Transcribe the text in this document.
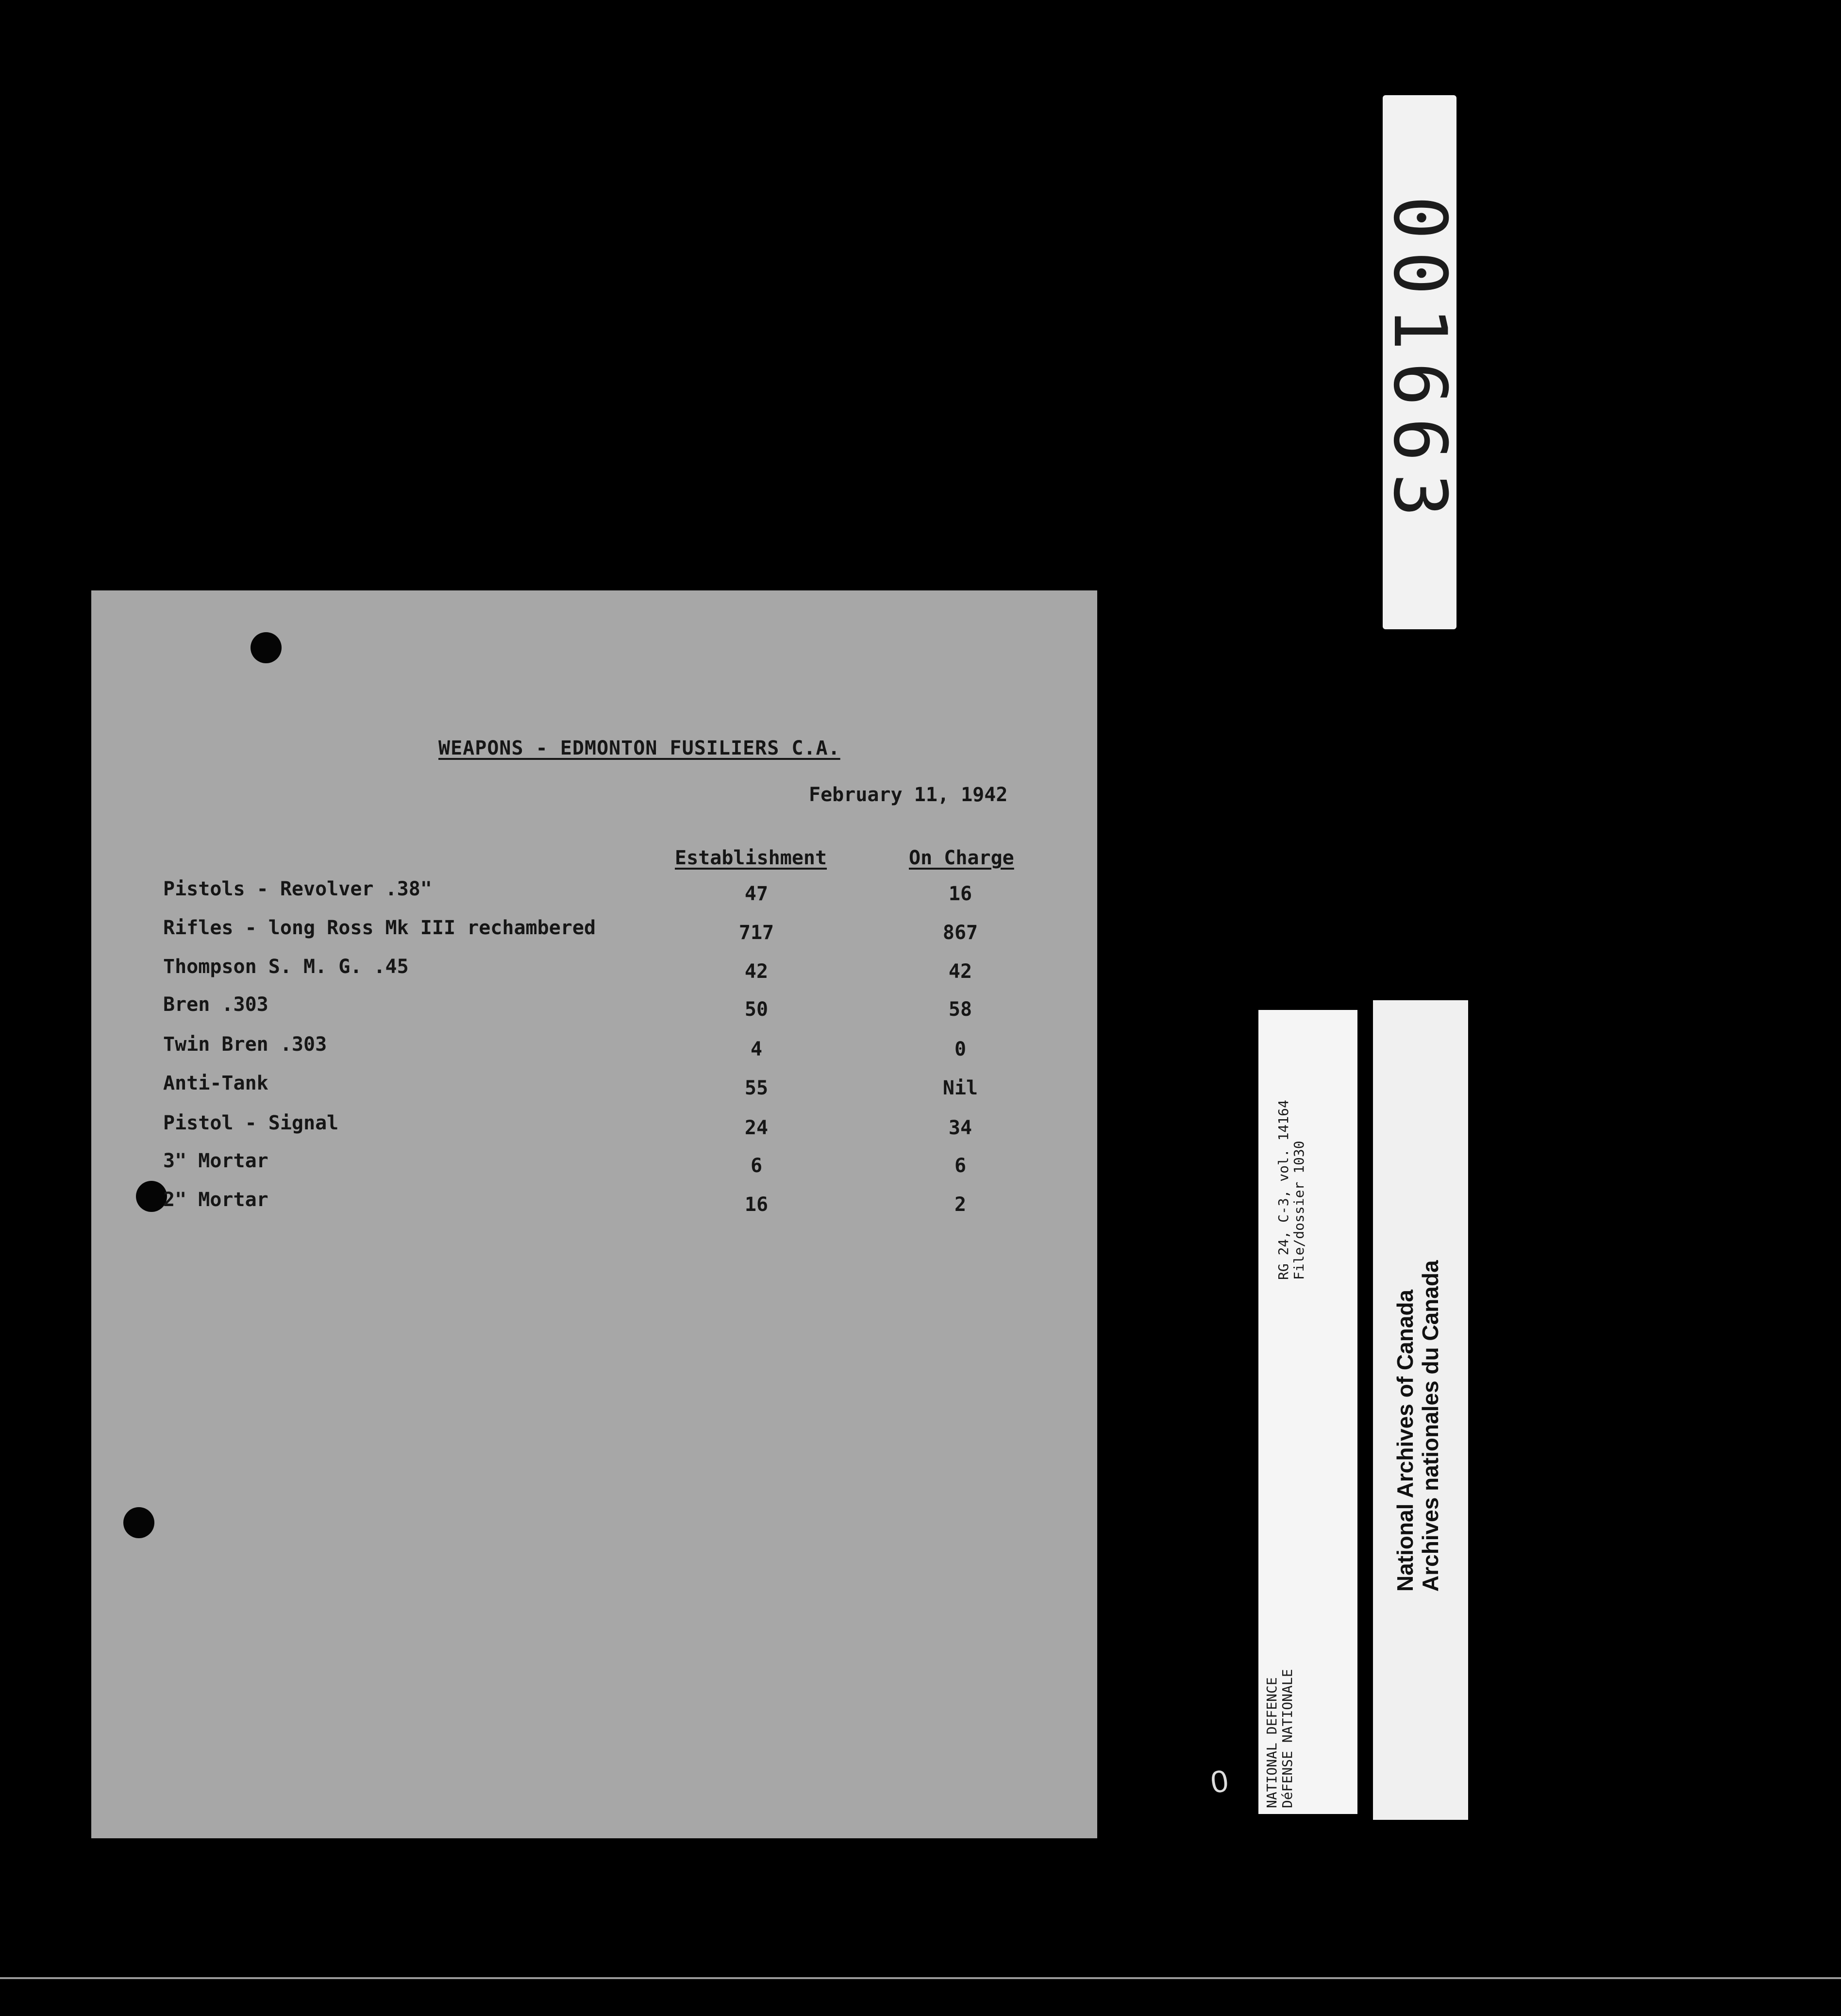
WEAPONS - EDMONTON FUSILIERS C.A.
February 11, 1942
Establishment	On Charge
Pistols - Revolver .38"	47	16
Rifles - long Ross Mk III rechambered	717	867
Thompson S. M. G. .45	42	42
Bren .303	50	58
Twin Bren .303	4	0
Anti-Tank	55	Nil
Pistol - Signal	24	34
3" Mortar	6	6
2" Mortar	16	2
001663
NATIONAL DEFENCE DéFENSE NATIONALE
RG 24, C-3, vol. 14164 File/dossier 1030
National Archives of Canada Archives nationales du Canada
0
